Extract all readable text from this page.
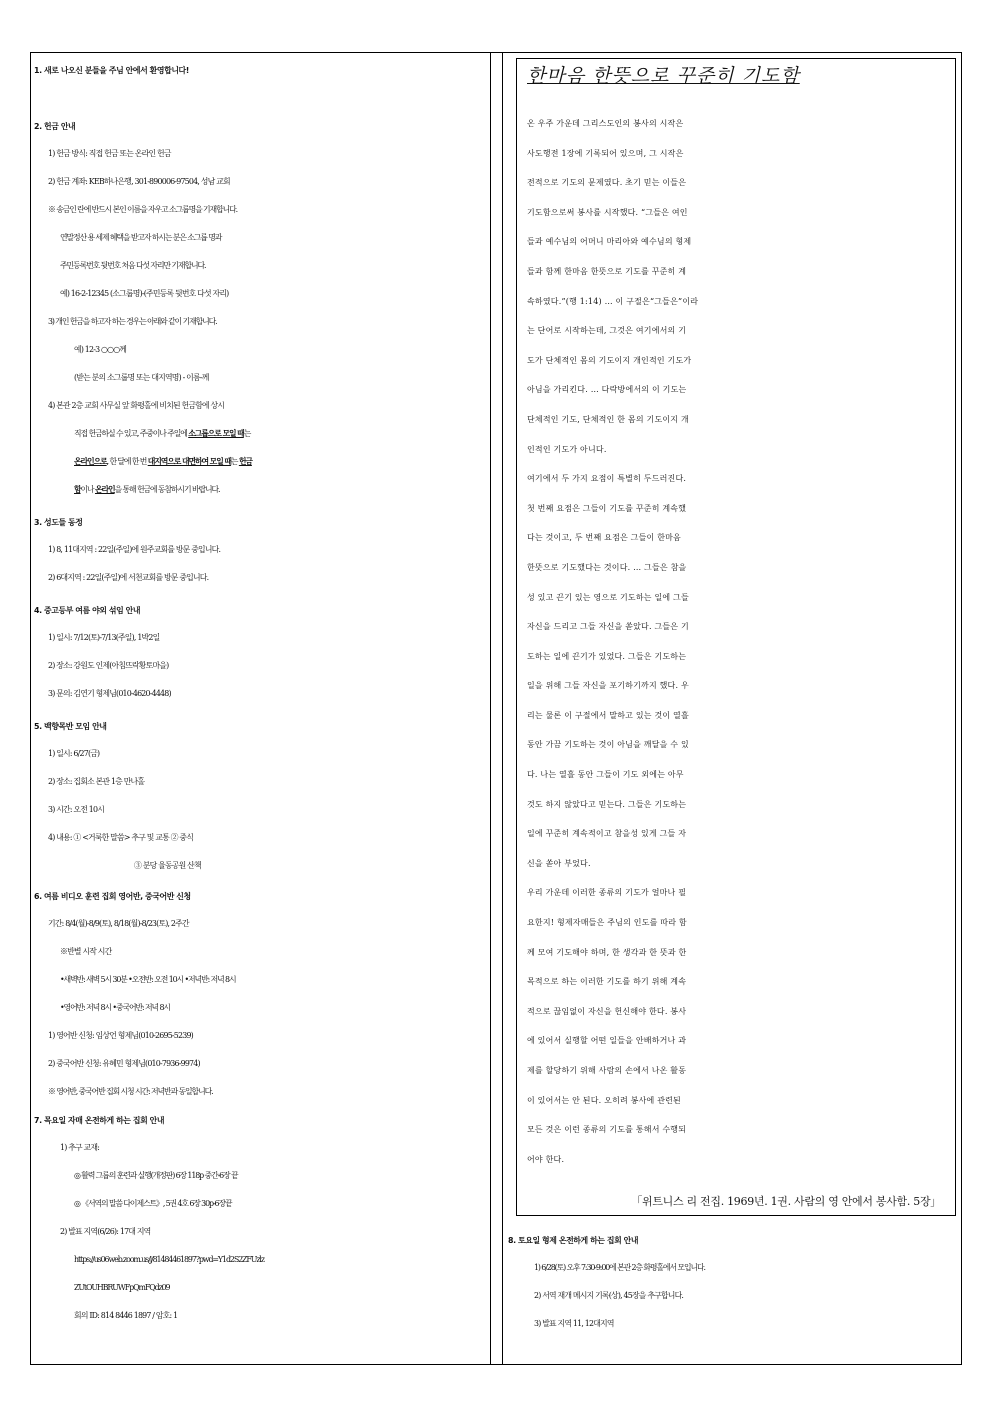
1. 새로 나오신 분들을 주님 안에서 환영합니다!

2. 헌금 안내

1) 헌금 방식: 직접 헌금 또는 온라인 헌금

2) 헌금 계좌: KEB하나은행, 301-890006-97504, 성남 교회

※ 송금인 란에 반드시 본인 이름을 자우고 소그룹명을 기재합니다.

연말정산 용 세제 혜택을 받고자 하시는 분은 소그룹 명과

주민등록번호 뒷번호 처음 다섯 자리만 기재합니다.

예) 16-2-12345 (소그룹명)-(주민등록 뒷번호 다섯 자리)

3) 개인 헌금을 하고자 하는 경우는 아래와 같이 기재합니다.

예) 12-3 ○○○께

(받는 분의 소그룹명 또는 대지역명) - 이름-께

4) 본관 2층 교회 사무실 앞 화평홀에 비치된 헌금함에 상시

직접 헌금하실 수 있고, 주중이나 주일에 소그룹으로 모일 때는

온라인으로, 한 달에 한 번 대지역으로 대면하여 모일 때는 헌금

함이나 온라인을 통해 헌금에 동참하시기 바랍니다.

3. 성도들 동정

1) 8, 11대지역 : 22일(주일)에 원주교회를 방문 중입니다.

2) 6대지역 : 22일(주일)에 서천교회를 방문 중입니다.

4. 중고등부 여름 야외 섞임 안내

1) 일시: 7/12(토)-7/13(주일), 1박2일

2) 장소: 강원도 인제(아침뜨락황토마을)

3) 문의: 김연기 형제님(010-4620-4448)

5. 백향목반 모임 안내

1) 일시: 6/27(금)

2) 장소: 집회소 본관 1층 만나홀

3) 시간: 오전 10시

4) 내용: ① <거룩한 말씀> 추구 및 교통 ② 중식

③ 분당 율동공원 산책

6. 여름 비디오 훈련 집회 영어반, 중국어반 신청

기간: 8/4(월)-8/9(토), 8/18(월)-8/23(토), 2주간

※반별 시작 시간

•새벽반: 새벽 5시 30분 •오전반: 오전 10시 •저녁반: 저녁 8시

•영어반: 저녁 8시 •중국어반: 저녁 8시

1) 영어반 신청: 임상언 형제님(010-2695-5239)

2) 중국어반 신청: 유혜민 형제님(010-7936-9974)

※ 영어반, 중국어반 집회 시청 시간: 저녁반과 동일합니다.

7. 목요일 자매 온전하게 하는 집회 안내

1) 추구 교재:

◎ 활력 그룹의 훈련과 실행(개정판) 6장 118p 중간-6장 끝

◎ 《서역의 말씀 다이제스트》, 5권 4호 6장 30p-6장끝

2) 발표 지역(6/26): 17대 지역

https://us06web.zoom.us/j/81484461897?pwd=Y1d2S2ZFUzlz

ZUtOUHBRUWFpQmFQdz09

회의 ID: 814 8446 1897 / 암호: 1

한마음 한뜻으로 꾸준히 기도함

온 우주 가운데 그리스도인의 봉사의 시작은

사도행전 1장에 기록되어 있으며, 그 시작은

전적으로 기도의 문제였다. 초기 믿는 이들은

기도함으로써 봉사를 시작했다. “그들은 여인

들과 예수님의 어머니 마리아와 예수님의 형제

들과 함께 한마음 한뜻으로 기도를 꾸준히 계

속하였다.”(행 1:14) … 이 구절은“그들은”이라

는 단어로 시작하는데, 그것은 여기에서의 기

도가 단체적인 몸의 기도이지 개인적인 기도가

아님을 가리킨다. … 다락방에서의 이 기도는

단체적인 기도, 단체적인 한 몸의 기도이지 개

인적인 기도가 아니다.

여기에서 두 가지 요점이 특별히 두드러진다.

첫 번째 요점은 그들이 기도를 꾸준히 계속했

다는 것이고, 두 번째 요점은 그들이 한마음

한뜻으로 기도했다는 것이다. … 그들은 참을

성 있고 끈기 있는 영으로 기도하는 일에 그들

자신을 드리고 그들 자신을 쏟았다. 그들은 기

도하는 일에 끈기가 있었다. 그들은 기도하는

일을 위해 그들 자신을 포기하기까지 했다. 우

리는 물론 이 구절에서 말하고 있는 것이 열흘

동안 가끔 기도하는 것이 아님을 깨달을 수 있

다. 나는 열흘 동안 그들이 기도 외에는 아무

것도 하지 않았다고 믿는다. 그들은 기도하는

일에 꾸준히 계속적이고 참을성 있게 그들 자

신을 쏟아 부었다.

우리 가운데 이러한 종류의 기도가 얼마나 필

요한지! 형제자매들은 주님의 인도를 따라 함

께 모여 기도해야 하며, 한 생각과 한 뜻과 한

목적으로 하는 이러한 기도를 하기 위해 계속

적으로 끊임없이 자신을 헌신해야 한다. 봉사

에 있어서 실행할 어떤 일들을 안배하거나 과

제를 할당하기 위해 사람의 손에서 나온 활동

이 있어서는 안 된다. 오히려 봉사에 관련된

모든 것은 이런 종류의 기도를 통해서 수행되

어야 한다.

「위트니스 리 전집. 1969년. 1권. 사람의 영 안에서 봉사함. 5장」

8. 토요일 형제 온전하게 하는 집회 안내

1) 6/28(토) 오후 7:30-9:00에 본관 2층 화평홀에서 모입니다.

2) 서역 재개 메시지 기록(상), 45장을 추구합니다.

3) 발표 지역 11, 12대지역
